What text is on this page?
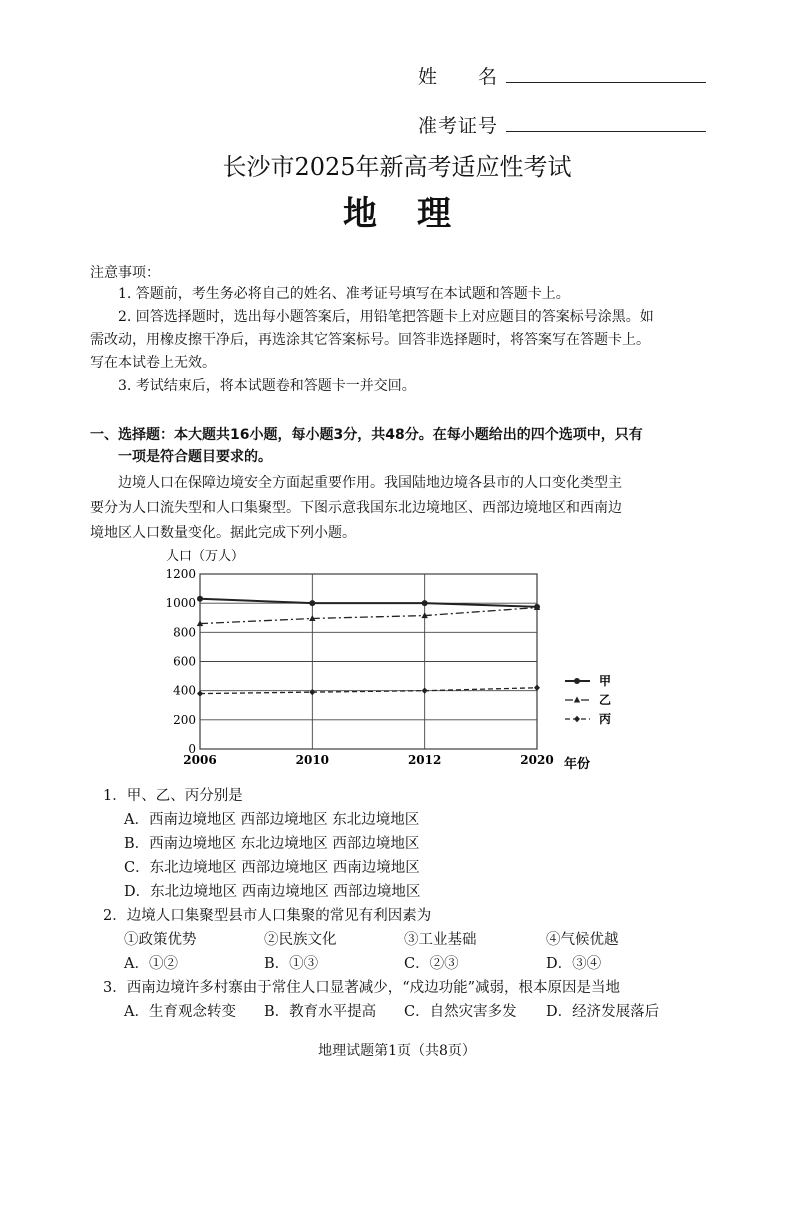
姓　　名
准考证号
长沙市2025年新高考适应性考试
地理
注意事项：
1. 答题前，考生务必将自己的姓名、准考证号填写在本试题和答题卡上。
2. 回答选择题时，选出每小题答案后，用铅笔把答题卡上对应题目的答案标号涂黑。如
需改动，用橡皮擦干净后，再选涂其它答案标号。回答非选择题时，将答案写在答题卡上。
写在本试卷上无效。
3. 考试结束后，将本试题卷和答题卡一并交回。
一、选择题：本大题共16小题，每小题3分，共48分。在每小题给出的四个选项中，只有
一项是符合题目要求的。
边境人口在保障边境安全方面起重要作用。我国陆地边境各县市的人口变化类型主
要分为人口流失型和人口集聚型。下图示意我国东北边境地区、西部边境地区和西南边
境地区人口数量变化。据此完成下列小题。
人口（万人）
0
200
400
600
800
1000
1200
2006	2010	2012	2020
甲
乙
丙
年份
1．甲、乙、丙分别是
A．西南边境地区 西部边境地区 东北边境地区
B．西南边境地区 东北边境地区 西部边境地区
C．东北边境地区 西部边境地区 西南边境地区
D．东北边境地区 西南边境地区 西部边境地区
2．边境人口集聚型县市人口集聚的常见有利因素为
①政策优势	②民族文化	③工业基础	④气候优越
A．①②	B．①③	C．②③	D．③④
3．西南边境许多村寨由于常住人口显著减少，“戍边功能”减弱，根本原因是当地
A．生育观念转变 B．教育水平提高 C．自然灾害多发 D．经济发展落后
地理试题第1页（共8页）
